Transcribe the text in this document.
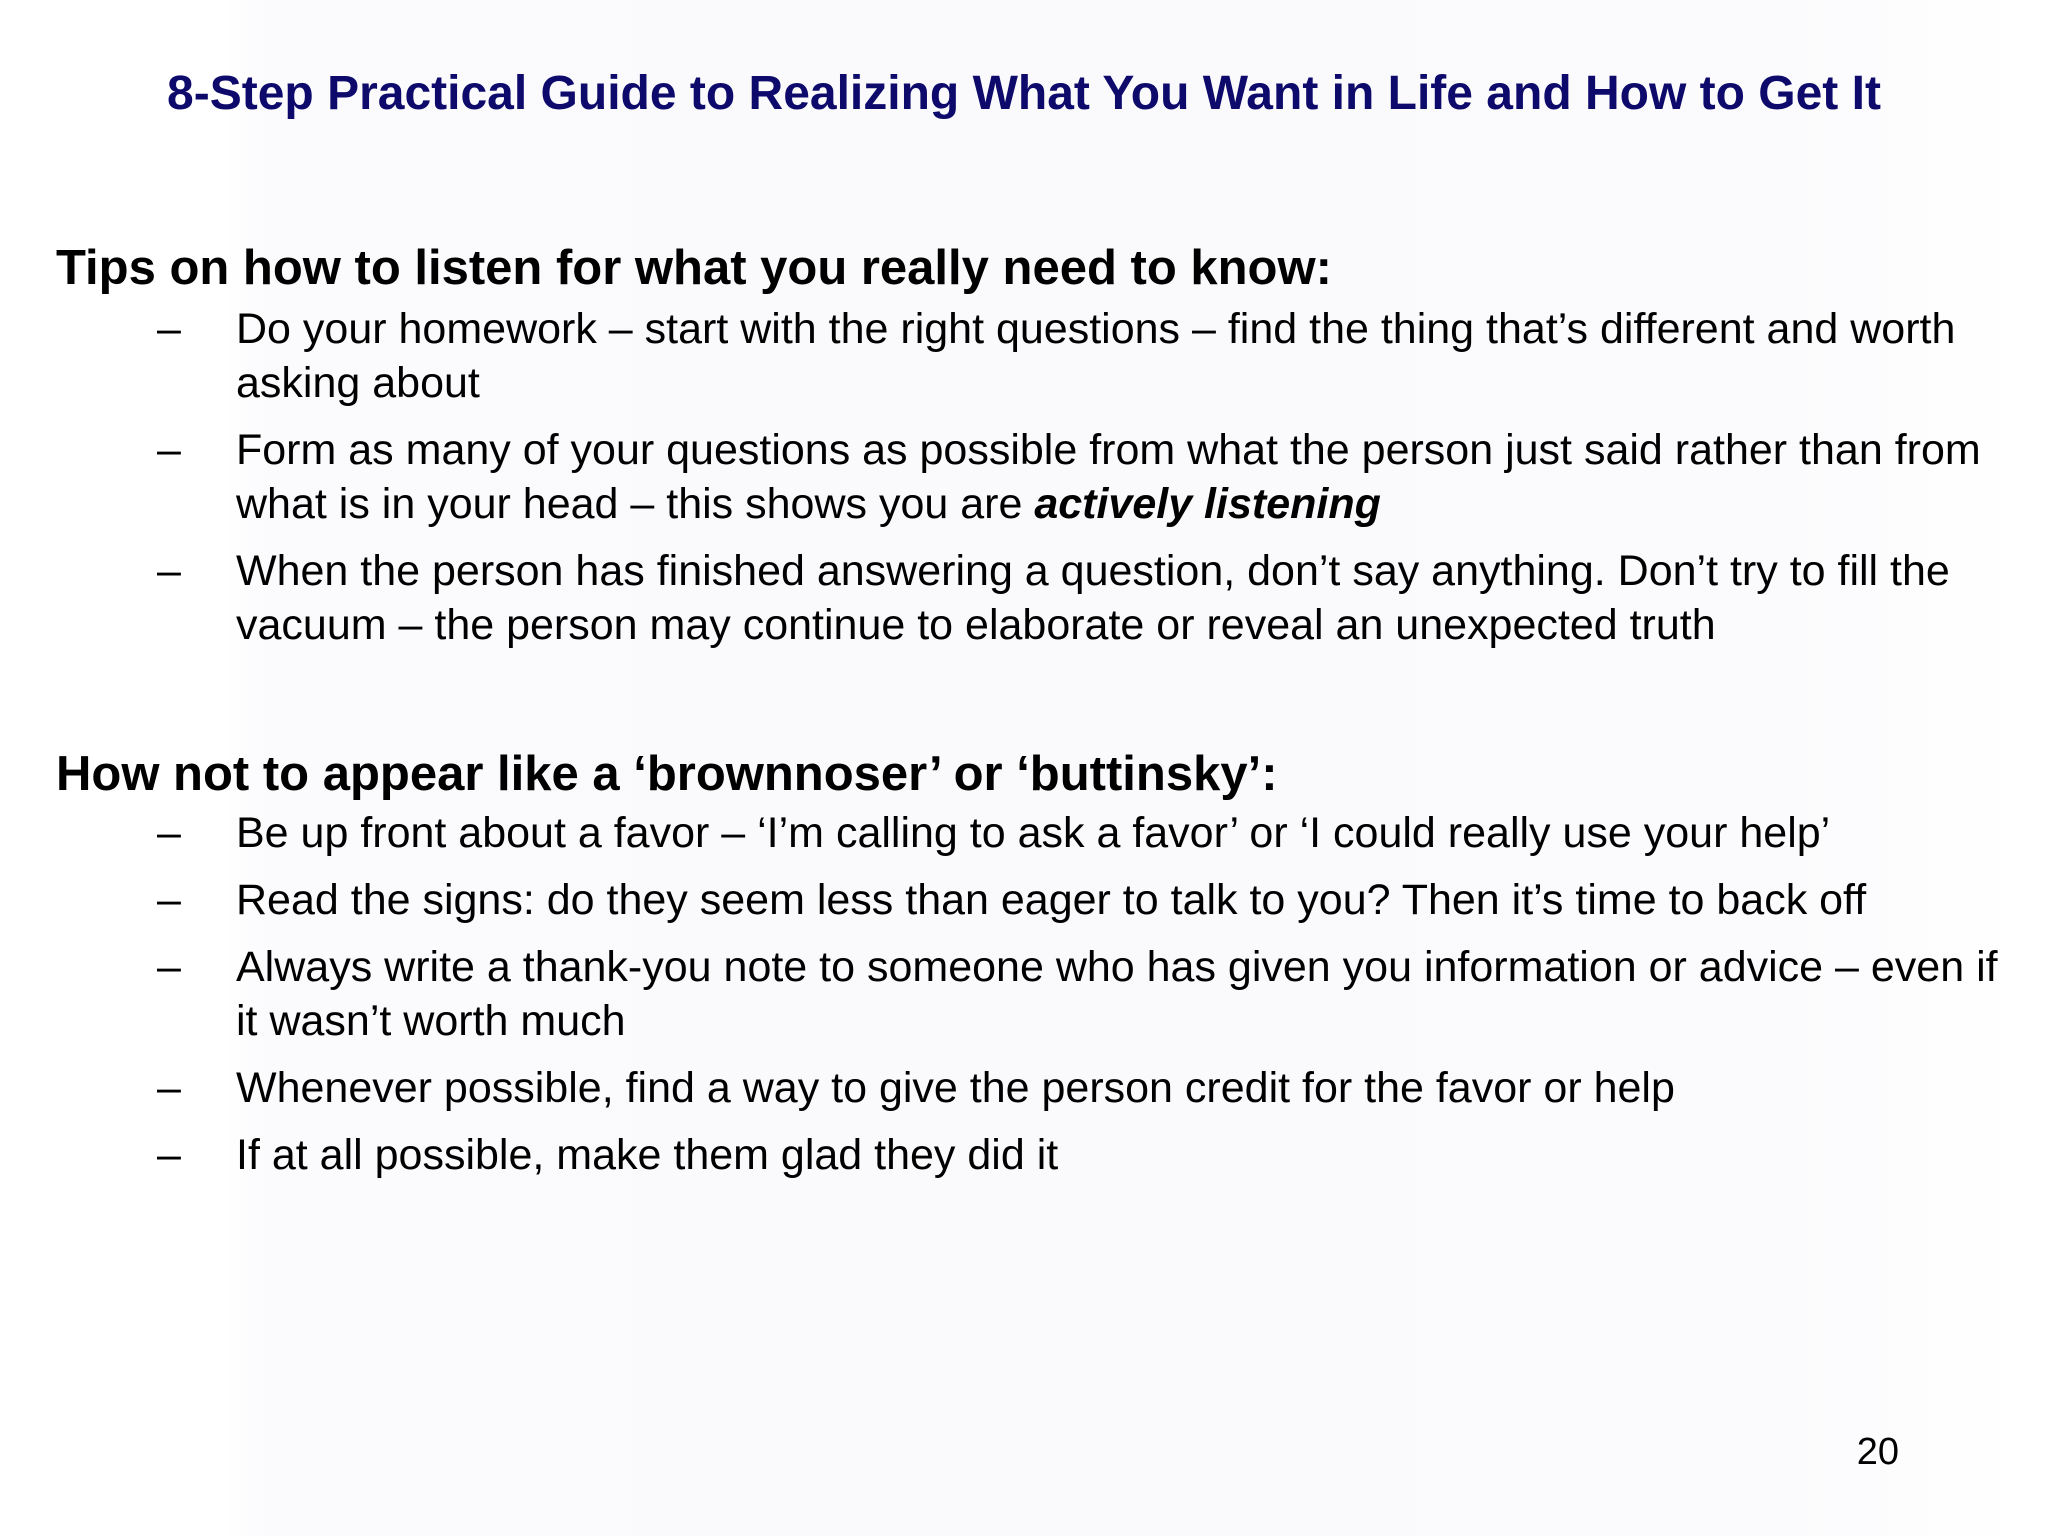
8-Step Practical Guide to Realizing What You Want in Life and How to Get It
Tips on how to listen for what you really need to know:
–	Do your homework – start with the right questions – find the thing that’s different and worth asking about
–	Form as many of your questions as possible from what the person just said rather than from what is in your head – this shows you are actively listening
–	When the person has finished answering a question, don’t say anything. Don’t try to fill the vacuum – the person may continue to elaborate or reveal an unexpected truth
How not to appear like a ‘brownnoser’ or ‘buttinsky’:
–	Be up front about a favor – ‘I’m calling to ask a favor’ or ‘I could really use your help’
–	Read the signs: do they seem less than eager to talk to you? Then it’s time to back off
–	Always write a thank-you note to someone who has given you information or advice – even if it wasn’t worth much
–	Whenever possible, find a way to give the person credit for the favor or help
–	If at all possible, make them glad they did it
20
